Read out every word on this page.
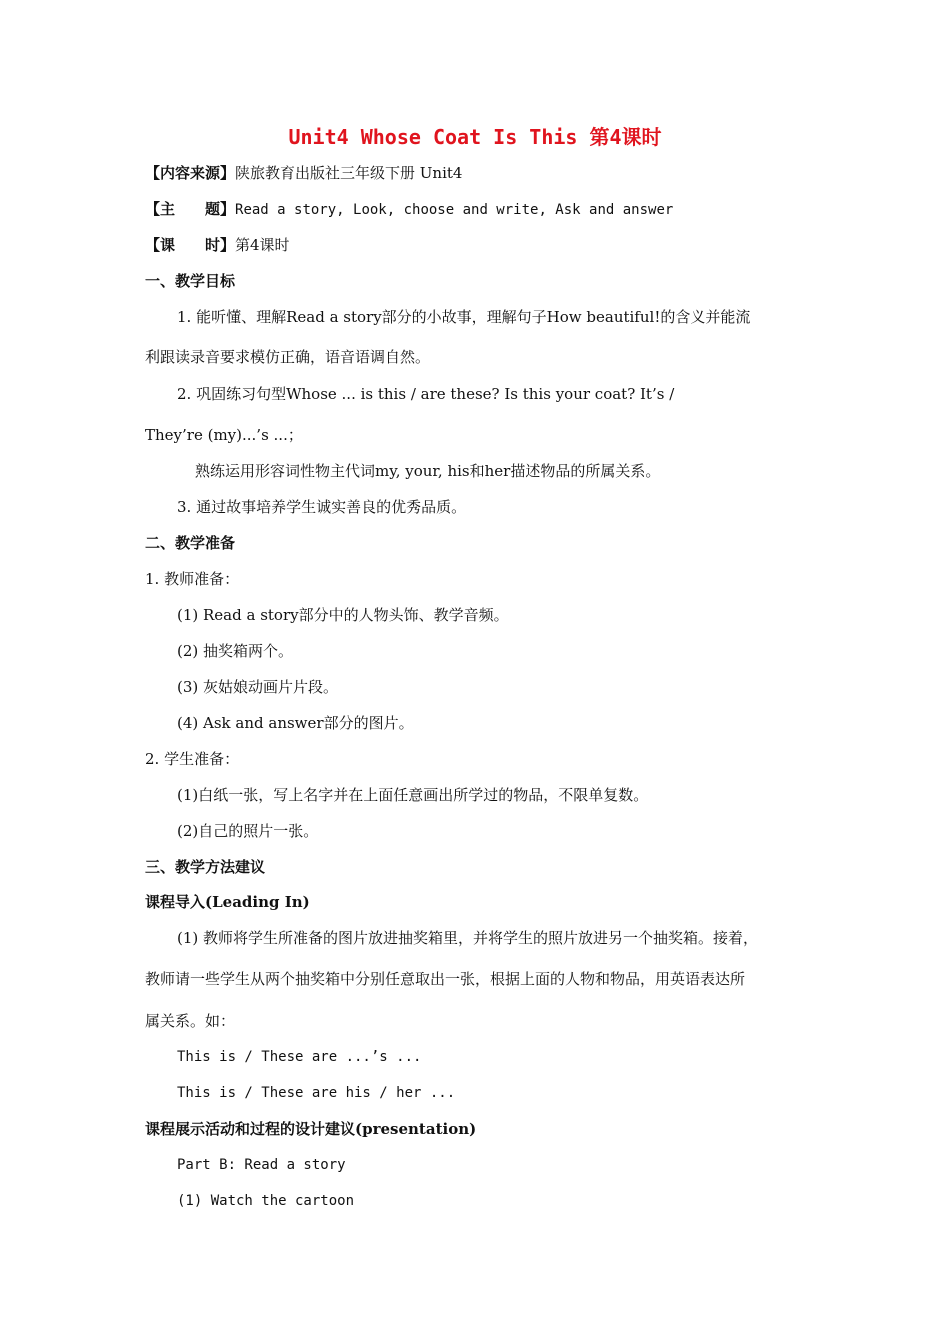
Unit4 Whose Coat Is This 第4课时
【内容来源】陕旅教育出版社三年级下册 Unit4
【主　　题】Read a story, Look, choose and write, Ask and answer
【课　　时】第4课时
一、教学目标
1. 能听懂、理解Read a story部分的小故事，理解句子How beautiful!的含义并能流
利跟读录音要求模仿正确，语音语调自然。
2. 巩固练习句型Whose ... is this / are these? Is this your coat? It’s /
They’re (my)...’s ...；
熟练运用形容词性物主代词my, your, his和her描述物品的所属关系。
3. 通过故事培养学生诚实善良的优秀品质。
二、教学准备
1. 教师准备：
(1) Read a story部分中的人物头饰、教学音频。
(2) 抽奖箱两个。
(3) 灰姑娘动画片片段。
(4) Ask and answer部分的图片。
2. 学生准备：
(1)白纸一张，写上名字并在上面任意画出所学过的物品，不限单复数。
(2)自己的照片一张。
三、教学方法建议
课程导入(Leading In)
(1) 教师将学生所准备的图片放进抽奖箱里，并将学生的照片放进另一个抽奖箱。接着，
教师请一些学生从两个抽奖箱中分别任意取出一张，根据上面的人物和物品，用英语表达所
属关系。如：
This is / These are ...’s ...
This is / These are his / her ...
课程展示活动和过程的设计建议(presentation)
Part B: Read a story
(1) Watch the cartoon
